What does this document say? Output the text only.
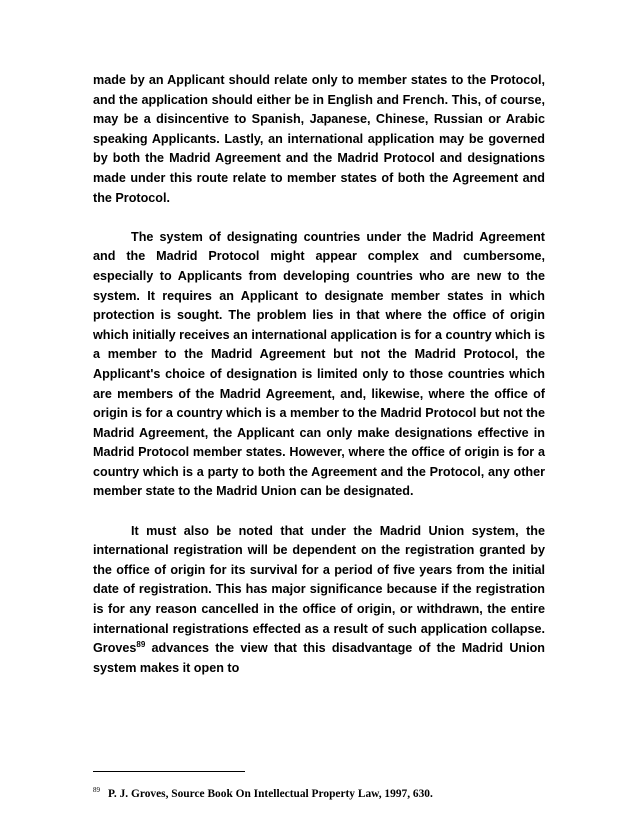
made by an Applicant should relate only to member states to the Protocol, and the application should either be in English and French. This, of course, may be a disincentive to Spanish, Japanese, Chinese, Russian or Arabic speaking Applicants. Lastly, an international application may be governed by both the Madrid Agreement and the Madrid Protocol and designations made under this route relate to member states of both the Agreement and the Protocol.

The system of designating countries under the Madrid Agreement and the Madrid Protocol might appear complex and cumbersome, especially to Applicants from developing countries who are new to the system. It requires an Applicant to designate member states in which protection is sought. The problem lies in that where the office of origin which initially receives an international application is for a country which is a member to the Madrid Agreement but not the Madrid Protocol, the Applicant's choice of designation is limited only to those countries which are members of the Madrid Agreement, and, likewise, where the office of origin is for a country which is a member to the Madrid Protocol but not the Madrid Agreement, the Applicant can only make designations effective in Madrid Protocol member states. However, where the office of origin is for a country which is a party to both the Agreement and the Protocol, any other member state to the Madrid Union can be designated.

It must also be noted that under the Madrid Union system, the international registration will be dependent on the registration granted by the office of origin for its survival for a period of five years from the initial date of registration. This has major significance because if the registration is for any reason cancelled in the office of origin, or withdrawn, the entire international registrations effected as a result of such application collapse. Groves$^{89}$ advances the view that this disadvantage of the Madrid Union system makes it open to

$^{89}$ P. J. Groves, Source Book On Intellectual Property Law, 1997, 630.
